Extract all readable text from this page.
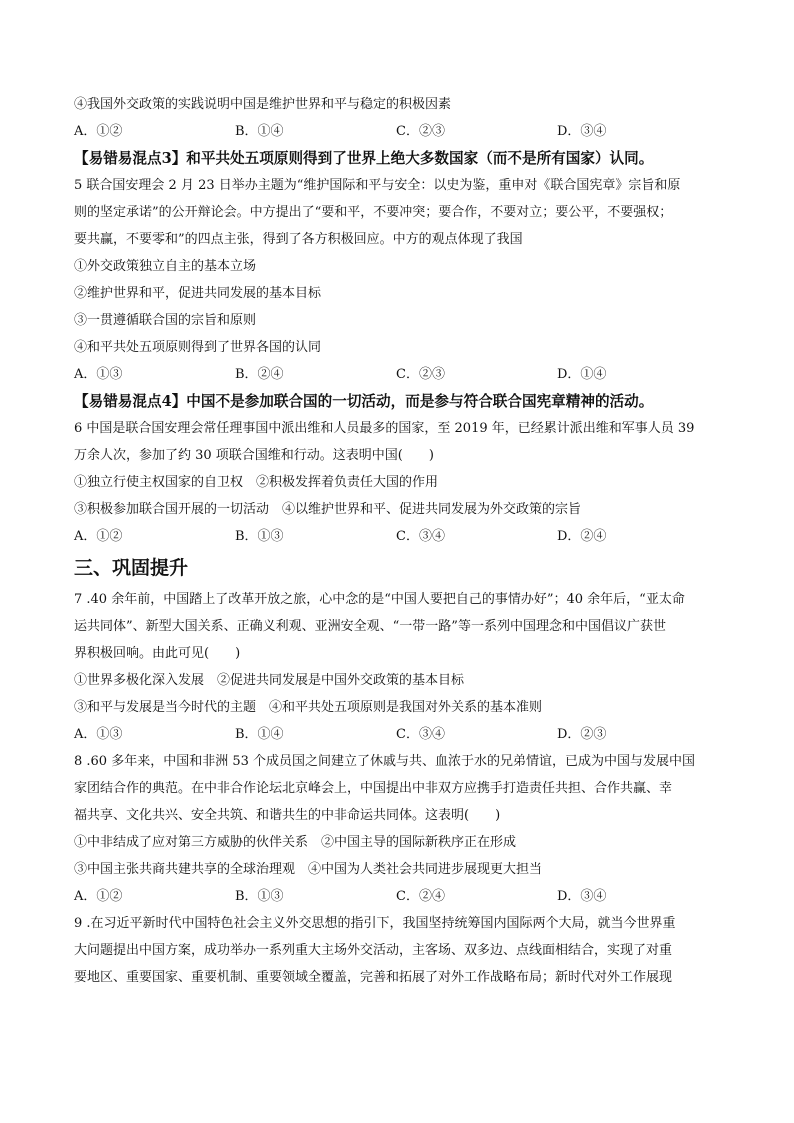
④我国外交政策的实践说明中国是维护世界和平与稳定的积极因素
A．①②	B．①④	C．②③	D．③④
【易错易混点3】和平共处五项原则得到了世界上绝大多数国家（而不是所有国家）认同。
5 联合国安理会 2 月 23 日举办主题为“维护国际和平与安全：以史为鉴，重申对《联合国宪章》宗旨和原
则的坚定承诺”的公开辩论会。中方提出了“要和平，不要冲突；要合作，不要对立；要公平，不要强权；
要共赢，不要零和”的四点主张，得到了各方积极回应。中方的观点体现了我国
①外交政策独立自主的基本立场
②维护世界和平，促进共同发展的基本目标
③一贯遵循联合国的宗旨和原则
④和平共处五项原则得到了世界各国的认同
A．①③	B．②④	C．②③	D．①④
【易错易混点4】中国不是参加联合国的一切活动，而是参与符合联合国宪章精神的活动。
6 中国是联合国安理会常任理事国中派出维和人员最多的国家，至 2019 年，已经累计派出维和军事人员 39
万余人次，参加了约 30 项联合国维和行动。这表明中国(　　)
①独立行使主权国家的自卫权　②积极发挥着负责任大国的作用
③积极参加联合国开展的一切活动　④以维护世界和平、促进共同发展为外交政策的宗旨
A．①②	B．①③	C．③④	D．②④
三、巩固提升
7 .40 余年前，中国踏上了改革开放之旅，心中念的是“中国人要把自己的事情办好”；40 余年后，“亚太命
运共同体”、新型大国关系、正确义利观、亚洲安全观、“一带一路”等一系列中国理念和中国倡议广获世
界积极回响。由此可见(　　)
①世界多极化深入发展　②促进共同发展是中国外交政策的基本目标
③和平与发展是当今时代的主题　④和平共处五项原则是我国对外关系的基本准则
A．①③	B．①④	C．③④	D．②③
8 .60 多年来，中国和非洲 53 个成员国之间建立了休戚与共、血浓于水的兄弟情谊，已成为中国与发展中国
家团结合作的典范。在中非合作论坛北京峰会上，中国提出中非双方应携手打造责任共担、合作共赢、幸
福共享、文化共兴、安全共筑、和谐共生的中非命运共同体。这表明(　　)
①中非结成了应对第三方威胁的伙伴关系　②中国主导的国际新秩序正在形成
③中国主张共商共建共享的全球治理观　④中国为人类社会共同进步展现更大担当
A．①②	B．①③	C．②④	D．③④
9 .在习近平新时代中国特色社会主义外交思想的指引下，我国坚持统筹国内国际两个大局，就当今世界重
大问题提出中国方案，成功举办一系列重大主场外交活动，主客场、双多边、点线面相结合，实现了对重
要地区、重要国家、重要机制、重要领域全覆盖，完善和拓展了对外工作战略布局；新时代对外工作展现
